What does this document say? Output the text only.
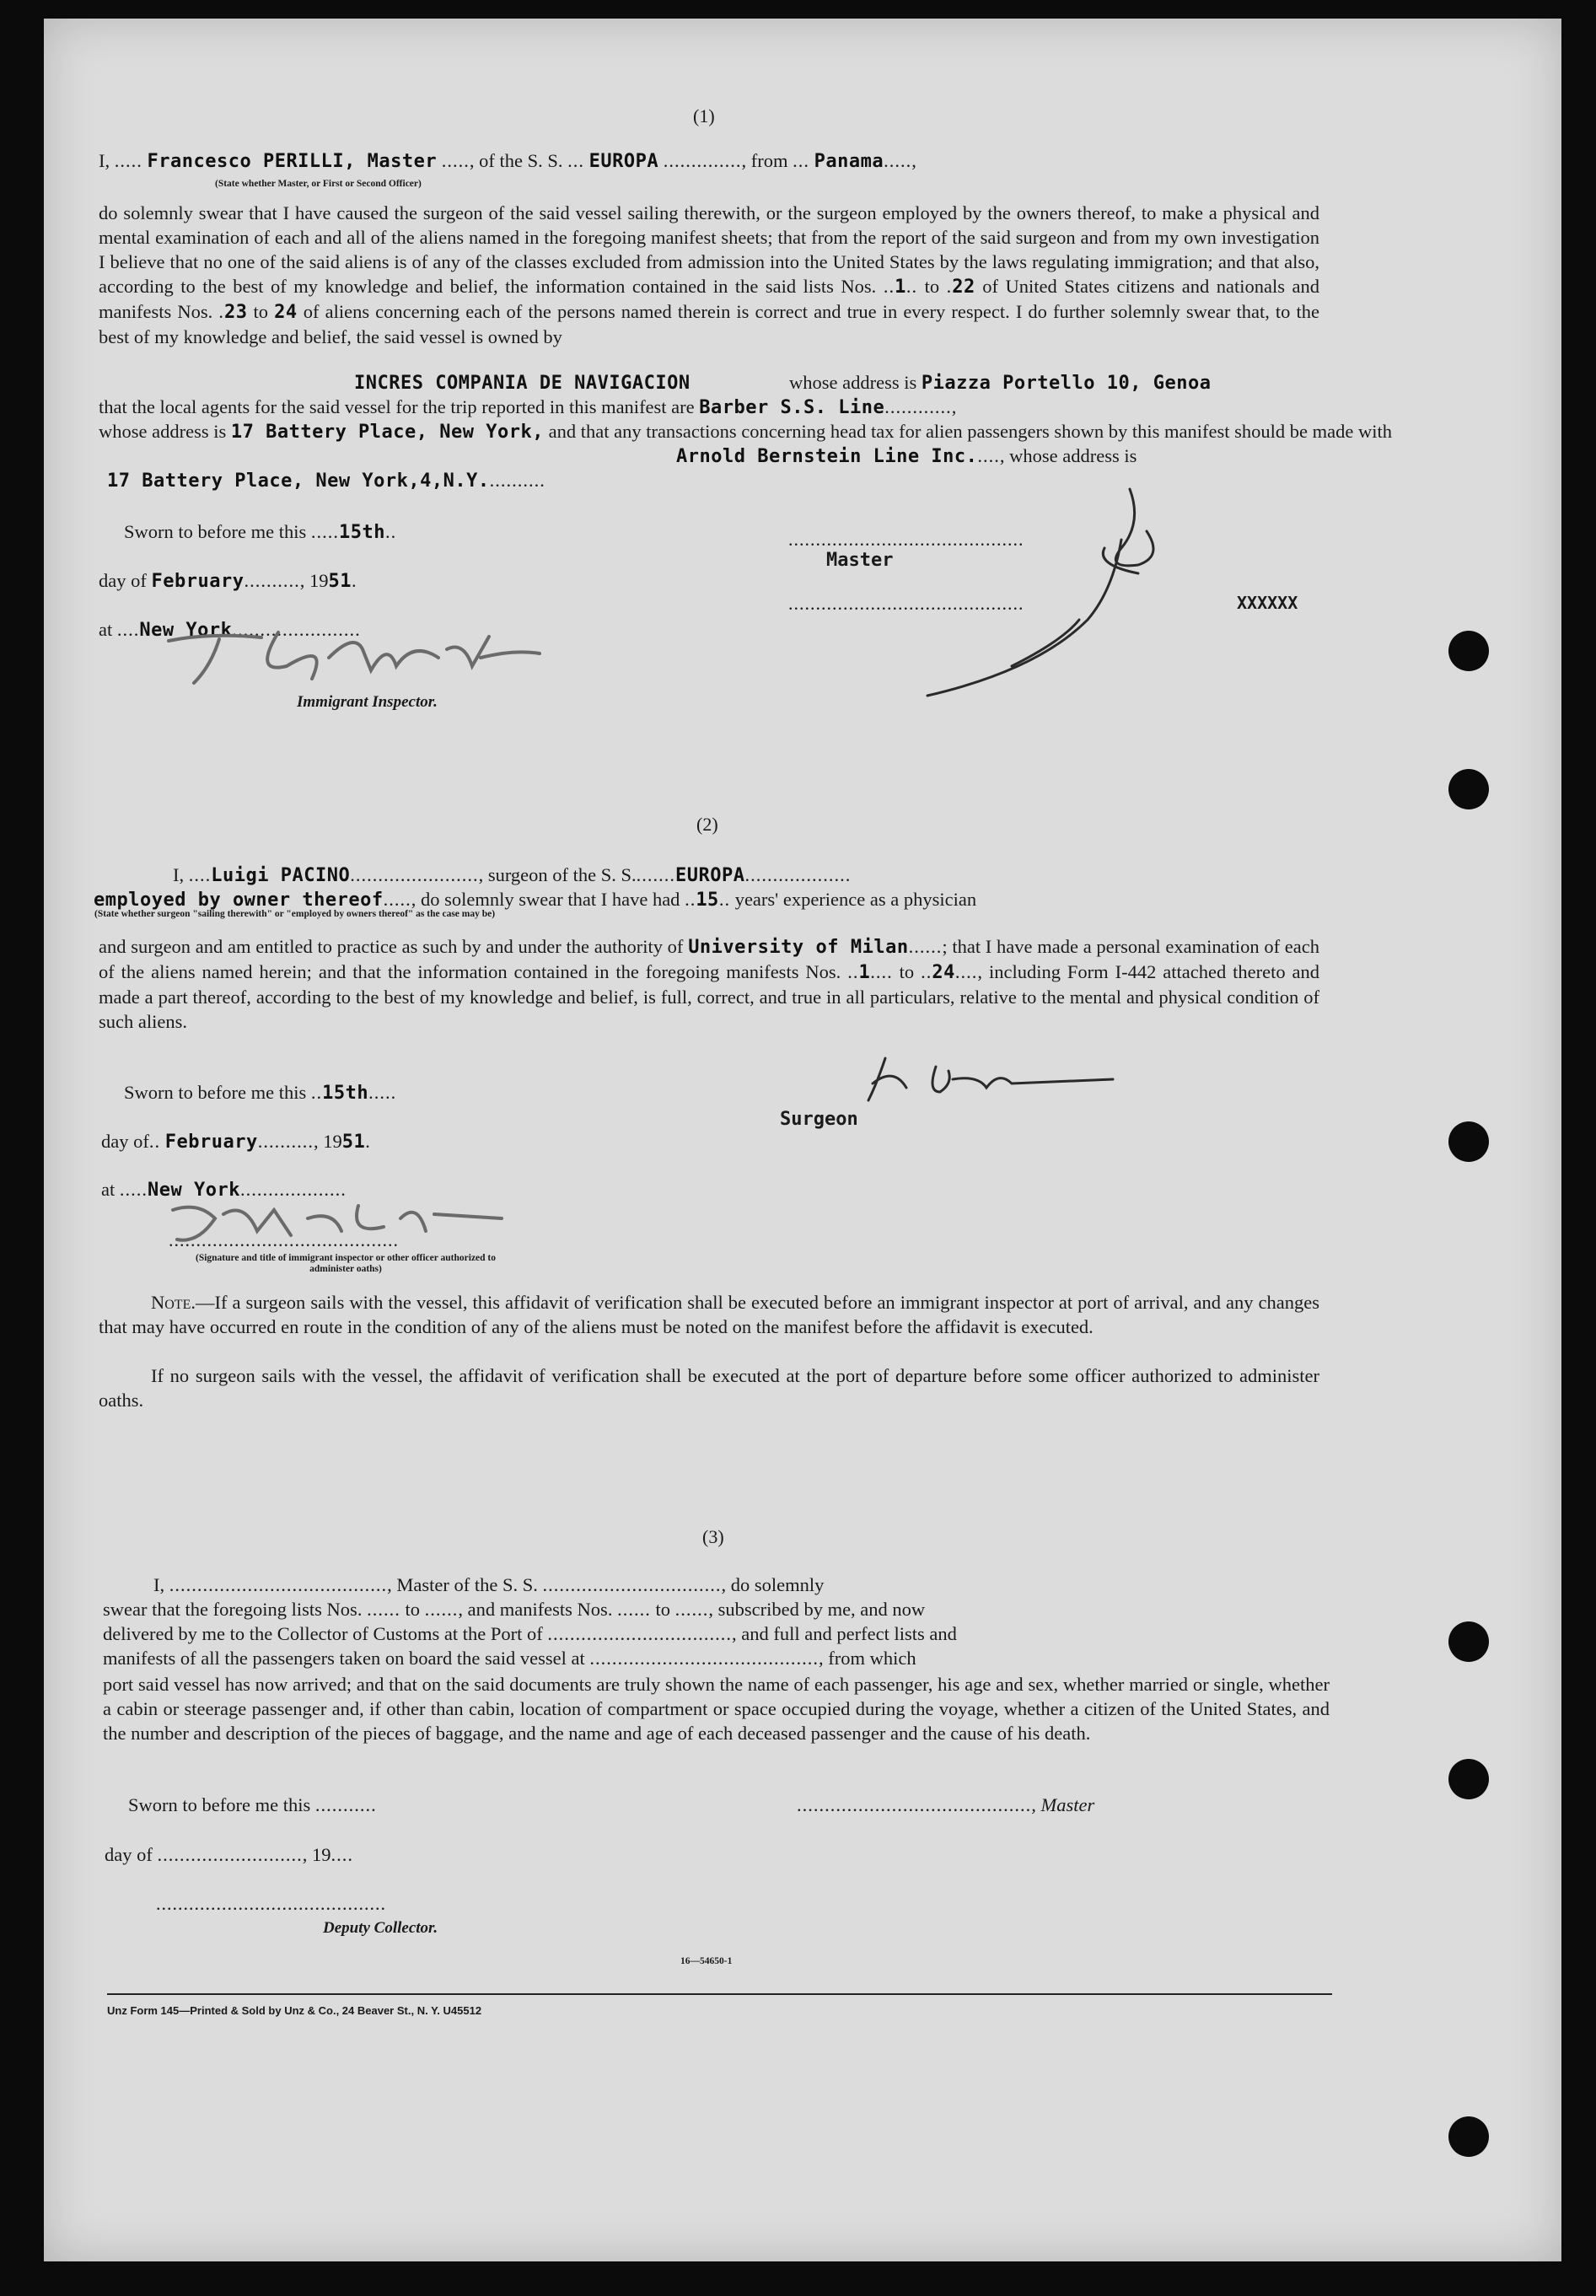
(1)
I, ..... Francesco PERILLI, Master ....., of the S. S. ... EUROPA .............., from ... Panama.....,
(State whether Master, or First or Second Officer)
do solemnly swear that I have caused the surgeon of the said vessel sailing therewith, or the surgeon employed by the owners thereof, to make a physical and mental examination of each and all of the aliens named in the foregoing manifest sheets; that from the report of the said surgeon and from my own investigation I believe that no one of the said aliens is of any of the classes excluded from admission into the United States by the laws regulating immigration; and that also, according to the best of my knowledge and belief, the information contained in the said lists Nos. ..1.. to .22 of United States citizens and nationals and manifests Nos. .23 to 24 of aliens concerning each of the persons named therein is correct and true in every respect. I do further solemnly swear that, to the best of my knowledge and belief, the said vessel is owned by
INCRES COMPANIA DE NAVIGACION	whose address is Piazza Portello 10, Genoa
that the local agents for the said vessel for the trip reported in this manifest are Barber S.S. Line............,
whose address is 17 Battery Place, New York, and that any transactions concerning head tax for alien passengers shown by this manifest should be made with
Arnold Bernstein Line Inc....., whose address is
17 Battery Place, New York,4,N.Y...........
Sworn to before me this .....15th..
day of February.........., 1951.
at ....New York.......................
Immigrant Inspector.
...........................................
Master
...........................................	XXXXXX
(2)
I, ....Luigi PACINO......................., surgeon of the S. S........EUROPA...................
employed by owner thereof....., do solemnly swear that I have had ..15.. years' experience as a physician
(State whether surgeon "sailing therewith" or "employed by owners thereof" as the case may be)
and surgeon and am entitled to practice as such by and under the authority of University of Milan......; that I have made a personal examination of each of the aliens named herein; and that the information contained in the foregoing manifests Nos. ..1.... to ..24...., including Form I-442 attached thereto and made a part thereof, according to the best of my knowledge and belief, is full, correct, and true in all particulars, relative to the mental and physical condition of such aliens.
Sworn to before me this ..15th.....
day of.. February.........., 1951.
at .....New York...................
..........................................
(Signature and title of immigrant inspector or other officer authorized to administer oaths)
Surgeon
Note.—If a surgeon sails with the vessel, this affidavit of verification shall be executed before an immigrant inspector at port of arrival, and any changes that may have occurred en route in the condition of any of the aliens must be noted on the manifest before the affidavit is executed.
If no surgeon sails with the vessel, the affidavit of verification shall be executed at the port of departure before some officer authorized to administer oaths.
(3)
I, ......................................., Master of the S. S. ................................, do solemnly
swear that the foregoing lists Nos. ...... to ......, and manifests Nos. ...... to ......, subscribed by me, and now
delivered by me to the Collector of Customs at the Port of ................................., and full and perfect lists and
manifests of all the passengers taken on board the said vessel at ........................................., from which
port said vessel has now arrived; and that on the said documents are truly shown the name of each passenger, his age and sex, whether married or single, whether a cabin or steerage passenger and, if other than cabin, location of compartment or space occupied during the voyage, whether a citizen of the United States, and the number and description of the pieces of baggage, and the name and age of each deceased passenger and the cause of his death.
Sworn to before me this ...........	.........................................., Master
day of .........................., 19....
..........................................
Deputy Collector.
16—54650-1
Unz Form 145—Printed & Sold by Unz & Co., 24 Beaver St., N. Y. U45512
